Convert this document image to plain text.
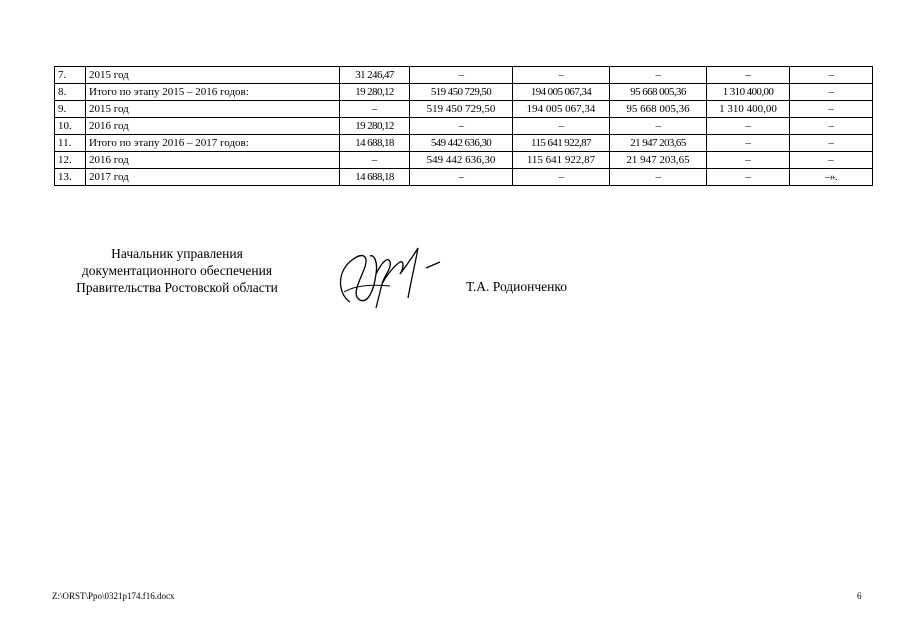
7.	2015 год	31 246,47	–	–	–	–	–
8.	Итого по этапу 2015 – 2016 годов:	19 280,12	519 450 729,50	194 005 067,34	95 668 005,36	1 310 400,00	–
9.	2015 год	–	519 450 729,50	194 005 067,34	95 668 005,36	1 310 400,00	–
10.	2016 год	19 280,12	–	–	–	–	–
11.	Итого по этапу 2016 – 2017 годов:	14 688,18	549 442 636,30	115 641 922,87	21 947 203,65	–	–
12.	2016 год	–	549 442 636,30	115 641 922,87	21 947 203,65	–	–
13.	2017 год	14 688,18	–	–	–	–	–».
Начальник управления
документационного обеспечения
Правительства Ростовской области	Т.А. Родионченко
Z:\ORST\Ppo\0321p174.f16.docx	6
